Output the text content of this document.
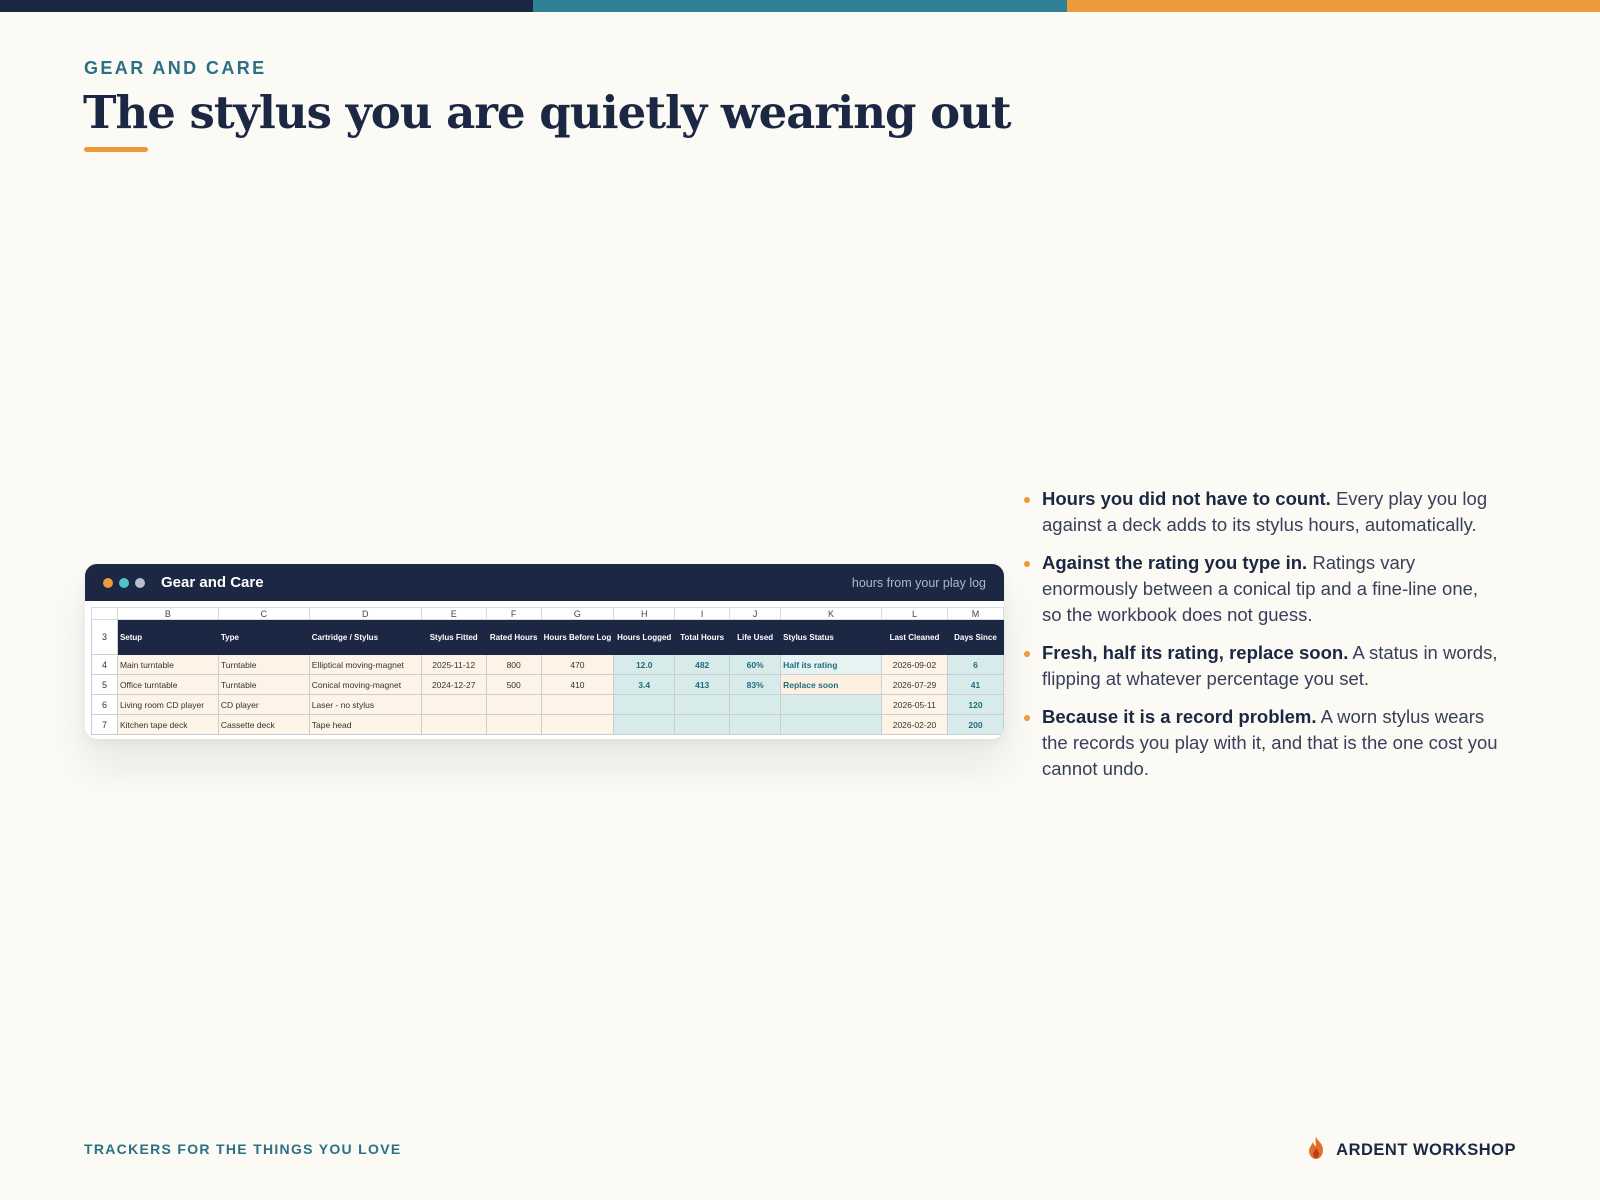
GEAR AND CARE

The stylus you are quietly wearing out
Gear and Care	hours from your play log
	B	C	D	E	F	G	H	I	J	K	L	M
3	Setup	Type	Cartridge / Stylus	Stylus Fitted	Rated Hours	Hours Before Log	Hours Logged	Total Hours	Life Used	Stylus Status	Last Cleaned	Days Since
4	Main turntable	Turntable	Elliptical moving-magnet	2025-11-12	800	470	12.0	482	60%	Half its rating	2026-09-02	6
5	Office turntable	Turntable	Conical moving-magnet	2024-12-27	500	410	3.4	413	83%	Replace soon	2026-07-29	41
6	Living room CD player	CD player	Laser - no stylus								2026-05-11	120
7	Kitchen tape deck	Cassette deck	Tape head								2026-02-20	200
Hours you did not have to count. Every play you log against a deck adds to its stylus hours, automatically.
Against the rating you type in. Ratings vary enormously between a conical tip and a fine-line one, so the workbook does not guess.
Fresh, half its rating, replace soon. A status in words, flipping at whatever percentage you set.
Because it is a record problem. A worn stylus wears the records you play with it, and that is the one cost you cannot undo.

TRACKERS FOR THE THINGS YOU LOVE	ARDENT WORKSHOP
